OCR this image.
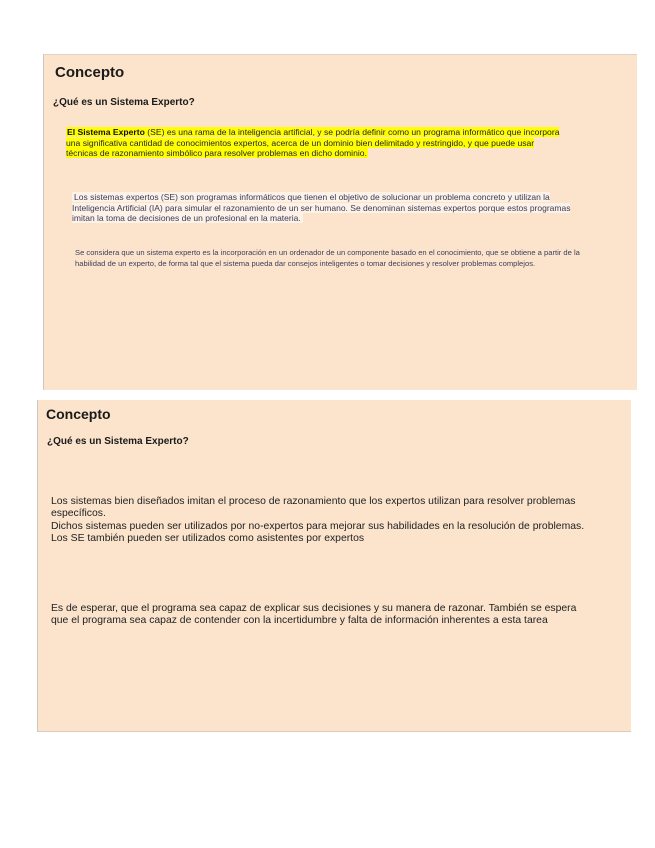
Concepto
¿Qué es un Sistema Experto?

El Sistema Experto (SE) es una rama de la inteligencia artificial, y se podría definir como un programa informático que incorpora una significativa cantidad de conocimientos expertos, acerca de un dominio bien delimitado y restringido, y que puede usar técnicas de razonamiento simbólico para resolver problemas en dicho dominio.

Los sistemas expertos (SE) son programas informáticos que tienen el objetivo de solucionar un problema concreto y utilizan la Inteligencia Artificial (IA) para simular el razonamiento de un ser humano. Se denominan sistemas expertos porque estos programas imitan la toma de decisiones de un profesional en la materia.

Se considera que un sistema experto es la incorporación en un ordenador de un componente basado en el conocimiento, que se obtiene a partir de la habilidad de un experto, de forma tal que el sistema pueda dar consejos inteligentes o tomar decisiones y resolver problemas complejos.

Concepto
¿Qué es un Sistema Experto?

Los sistemas bien diseñados imitan el proceso de razonamiento que los expertos utilizan para resolver problemas específicos.
Dichos sistemas pueden ser utilizados por no-expertos para mejorar sus habilidades en la resolución de problemas. Los SE también pueden ser utilizados como asistentes por expertos

Es de esperar, que el programa sea capaz de explicar sus decisiones y su manera de razonar. También se espera que el programa sea capaz de contender con la incertidumbre y falta de información inherentes a esta tarea
